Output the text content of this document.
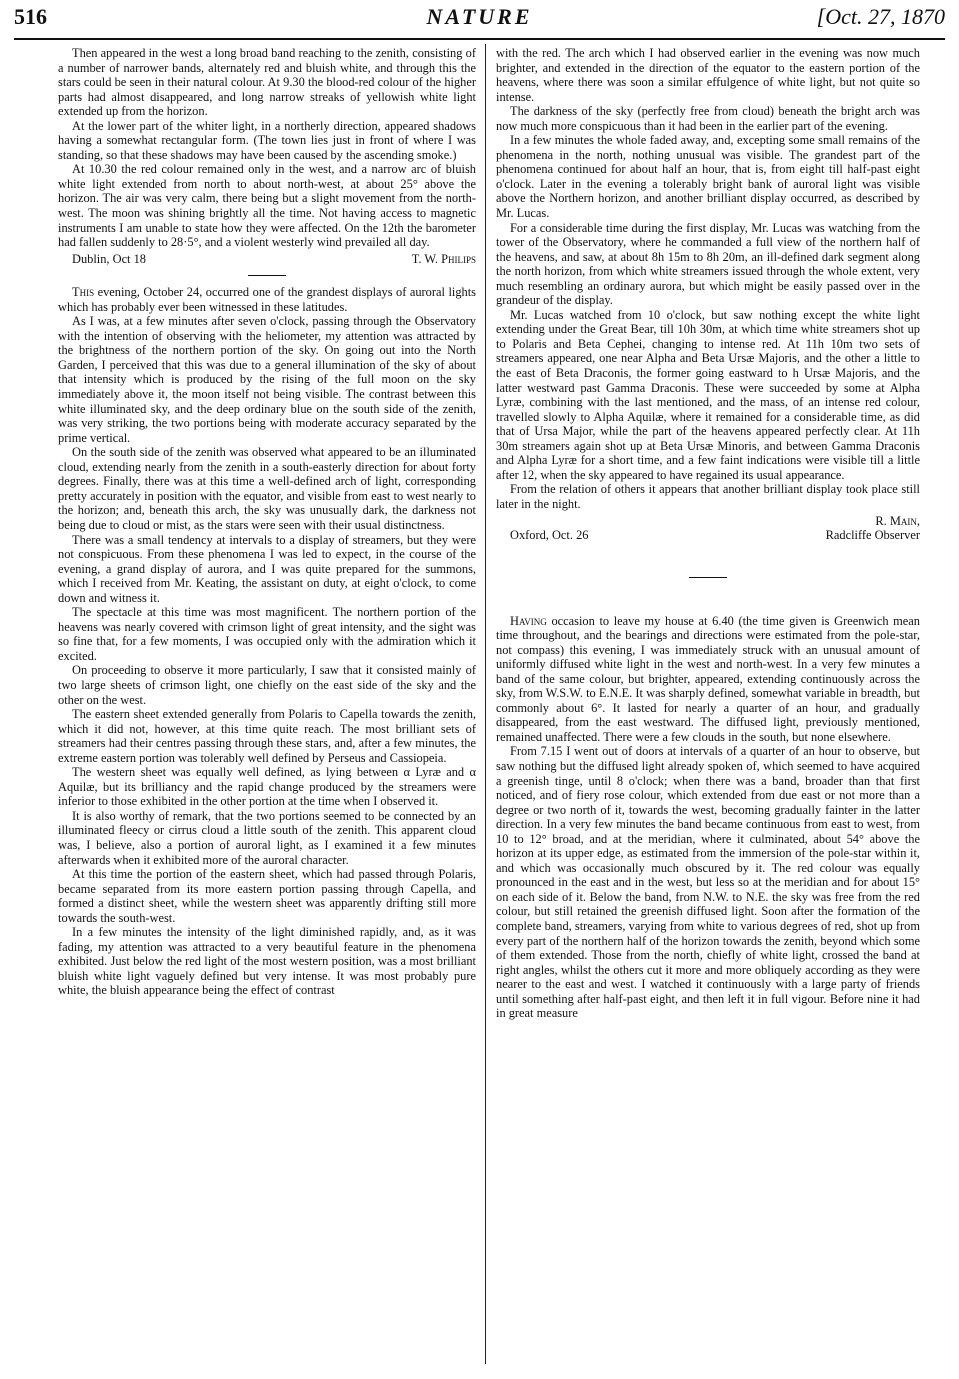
516	NATURE	[Oct. 27, 1870

Then appeared in the west a long broad band reaching to the zenith, consisting of a number of narrower bands, alternately red and bluish white, and through this the stars could be seen in their natural colour. At 9.30 the blood-red colour of the higher parts had almost disappeared, and long narrow streaks of yellowish white light extended up from the horizon.

At the lower part of the whiter light, in a northerly direction, appeared shadows having a somewhat rectangular form. (The town lies just in front of where I was standing, so that these shadows may have been caused by the ascending smoke.)

At 10.30 the red colour remained only in the west, and a narrow arc of bluish white light extended from north to about north-west, at about 25° above the horizon. The air was very calm, there being but a slight movement from the north-west. The moon was shining brightly all the time. Not having access to magnetic instruments I am unable to state how they were affected. On the 12th the barometer had fallen suddenly to 28·5°, and a violent westerly wind prevailed all day.

Dublin, Oct 18	T. W. Philips

This evening, October 24, occurred one of the grandest displays of auroral lights which has probably ever been witnessed in these latitudes.

As I was, at a few minutes after seven o'clock, passing through the Observatory with the intention of observing with the heliometer, my attention was attracted by the brightness of the northern portion of the sky. On going out into the North Garden, I perceived that this was due to a general illumination of the sky of about that intensity which is produced by the rising of the full moon on the sky immediately above it, the moon itself not being visible. The contrast between this white illuminated sky, and the deep ordinary blue on the south side of the zenith, was very striking, the two portions being with moderate accuracy separated by the prime vertical.

On the south side of the zenith was observed what appeared to be an illuminated cloud, extending nearly from the zenith in a south-easterly direction for about forty degrees. Finally, there was at this time a well-defined arch of light, corresponding pretty accurately in position with the equator, and visible from east to west nearly to the horizon; and, beneath this arch, the sky was unusually dark, the darkness not being due to cloud or mist, as the stars were seen with their usual distinctness.

There was a small tendency at intervals to a display of streamers, but they were not conspicuous. From these phenomena I was led to expect, in the course of the evening, a grand display of aurora, and I was quite prepared for the summons, which I received from Mr. Keating, the assistant on duty, at eight o'clock, to come down and witness it.

The spectacle at this time was most magnificent. The northern portion of the heavens was nearly covered with crimson light of great intensity, and the sight was so fine that, for a few moments, I was occupied only with the admiration which it excited.

On proceeding to observe it more particularly, I saw that it consisted mainly of two large sheets of crimson light, one chiefly on the east side of the sky and the other on the west.

The eastern sheet extended generally from Polaris to Capella towards the zenith, which it did not, however, at this time quite reach. The most brilliant sets of streamers had their centres passing through these stars, and, after a few minutes, the extreme eastern portion was tolerably well defined by Perseus and Cassiopeia.

The western sheet was equally well defined, as lying between α Lyræ and α Aquilæ, but its brilliancy and the rapid change produced by the streamers were inferior to those exhibited in the other portion at the time when I observed it.

It is also worthy of remark, that the two portions seemed to be connected by an illuminated fleecy or cirrus cloud a little south of the zenith. This apparent cloud was, I believe, also a portion of auroral light, as I examined it a few minutes afterwards when it exhibited more of the auroral character.

At this time the portion of the eastern sheet, which had passed through Polaris, became separated from its more eastern portion passing through Capella, and formed a distinct sheet, while the western sheet was apparently drifting still more towards the south-west.

In a few minutes the intensity of the light diminished rapidly, and, as it was fading, my attention was attracted to a very beautiful feature in the phenomena exhibited. Just below the red light of the most western position, was a most brilliant bluish white light vaguely defined but very intense. It was most probably pure white, the bluish appearance being the effect of contrast

with the red. The arch which I had observed earlier in the evening was now much brighter, and extended in the direction of the equator to the eastern portion of the heavens, where there was soon a similar effulgence of white light, but not quite so intense.

The darkness of the sky (perfectly free from cloud) beneath the bright arch was now much more conspicuous than it had been in the earlier part of the evening.

In a few minutes the whole faded away, and, excepting some small remains of the phenomena in the north, nothing unusual was visible. The grandest part of the phenomena continued for about half an hour, that is, from eight till half-past eight o'clock. Later in the evening a tolerably bright bank of auroral light was visible above the Northern horizon, and another brilliant display occurred, as described by Mr. Lucas.

For a considerable time during the first display, Mr. Lucas was watching from the tower of the Observatory, where he commanded a full view of the northern half of the heavens, and saw, at about 8h 15m to 8h 20m, an ill-defined dark segment along the north horizon, from which white streamers issued through the whole extent, very much resembling an ordinary aurora, but which might be easily passed over in the grandeur of the display.

Mr. Lucas watched from 10 o'clock, but saw nothing except the white light extending under the Great Bear, till 10h 30m, at which time white streamers shot up to Polaris and Beta Cephei, changing to intense red. At 11h 10m two sets of streamers appeared, one near Alpha and Beta Ursæ Majoris, and the other a little to the east of Beta Draconis, the former going eastward to h Ursæ Majoris, and the latter westward past Gamma Draconis. These were succeeded by some at Alpha Lyræ, combining with the last mentioned, and the mass, of an intense red colour, travelled slowly to Alpha Aquilæ, where it remained for a considerable time, as did that of Ursa Major, while the part of the heavens appeared perfectly clear. At 11h 30m streamers again shot up at Beta Ursæ Minoris, and between Gamma Draconis and Alpha Lyræ for a short time, and a few faint indications were visible till a little after 12, when the sky appeared to have regained its usual appearance.

From the relation of others it appears that another brilliant display took place still later in the night.

Oxford, Oct. 26
R. Main,
Radcliffe Observer

Having occasion to leave my house at 6.40 (the time given is Greenwich mean time throughout, and the bearings and directions were estimated from the pole-star, not compass) this evening, I was immediately struck with an unusual amount of uniformly diffused white light in the west and north-west. In a very few minutes a band of the same colour, but brighter, appeared, extending continuously across the sky, from W.S.W. to E.N.E. It was sharply defined, somewhat variable in breadth, but commonly about 6°. It lasted for nearly a quarter of an hour, and gradually disappeared, from the east westward. The diffused light, previously mentioned, remained unaffected. There were a few clouds in the south, but none elsewhere.

From 7.15 I went out of doors at intervals of a quarter of an hour to observe, but saw nothing but the diffused light already spoken of, which seemed to have acquired a greenish tinge, until 8 o'clock; when there was a band, broader than that first noticed, and of fiery rose colour, which extended from due east or not more than a degree or two north of it, towards the west, becoming gradually fainter in the latter direction. In a very few minutes the band became continuous from east to west, from 10 to 12° broad, and at the meridian, where it culminated, about 54° above the horizon at its upper edge, as estimated from the immersion of the pole-star within it, and which was occasionally much obscured by it. The red colour was equally pronounced in the east and in the west, but less so at the meridian and for about 15° on each side of it. Below the band, from N.W. to N.E. the sky was free from the red colour, but still retained the greenish diffused light. Soon after the formation of the complete band, streamers, varying from white to various degrees of red, shot up from every part of the northern half of the horizon towards the zenith, beyond which some of them extended. Those from the north, chiefly of white light, crossed the band at right angles, whilst the others cut it more and more obliquely according as they were nearer to the east and west. I watched it continuously with a large party of friends until something after half-past eight, and then left it in full vigour. Before nine it had in great measure
